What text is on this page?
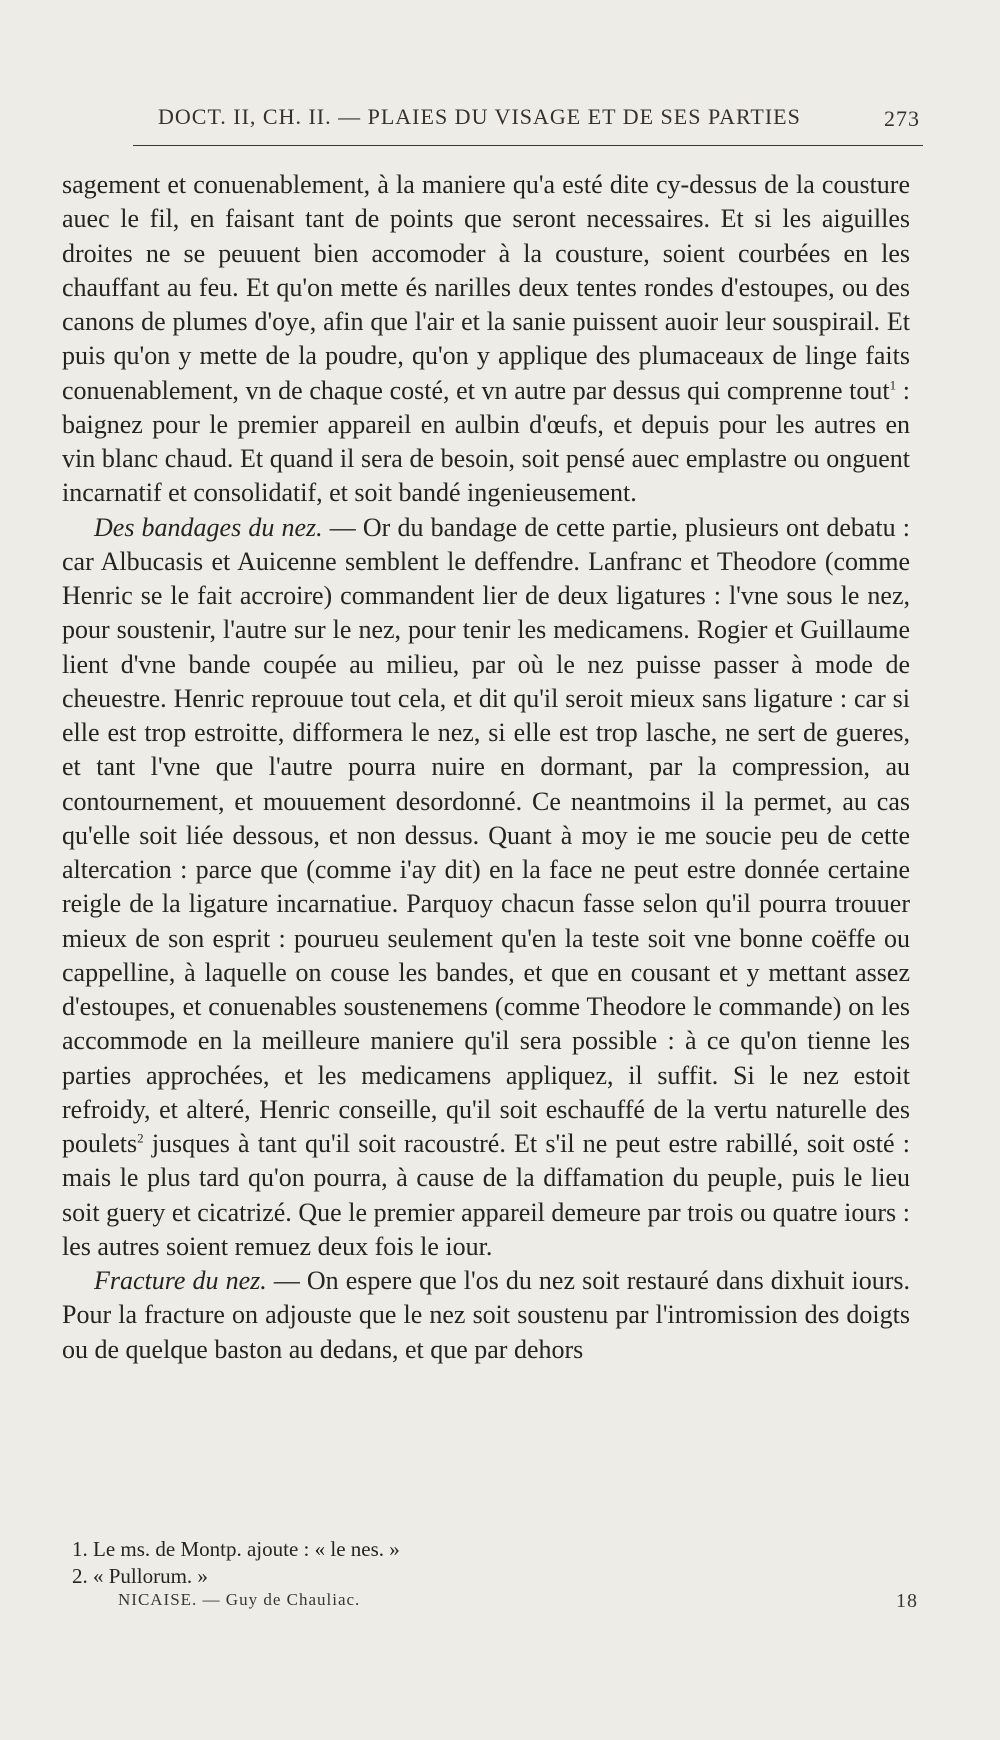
DOCT. II, CH. II. — PLAIES DU VISAGE ET DE SES PARTIES	273

sagement et conuenablement, à la maniere qu'a esté dite cy-dessus de la cousture auec le fil, en faisant tant de points que seront necessaires. Et si les aiguilles droites ne se peuuent bien accomoder à la cousture, soient courbées en les chauffant au feu. Et qu'on mette és narilles deux tentes rondes d'estoupes, ou des canons de plumes d'oye, afin que l'air et la sanie puissent auoir leur souspirail. Et puis qu'on y mette de la poudre, qu'on y applique des plumaceaux de linge faits conuenablement, vn de chaque costé, et vn autre par dessus qui comprenne tout$^1$ : baignez pour le premier appareil en aulbin d'œufs, et depuis pour les autres en vin blanc chaud. Et quand il sera de besoin, soit pensé auec emplastre ou onguent incarnatif et consolidatif, et soit bandé ingenieusement.

Des bandages du nez. — Or du bandage de cette partie, plusieurs ont debatu : car Albucasis et Auicenne semblent le deffendre. Lanfranc et Theodore (comme Henric se le fait accroire) commandent lier de deux ligatures : l'vne sous le nez, pour soustenir, l'autre sur le nez, pour tenir les medicamens. Rogier et Guillaume lient d'vne bande coupée au milieu, par où le nez puisse passer à mode de cheuestre. Henric reprouue tout cela, et dit qu'il seroit mieux sans ligature : car si elle est trop estroitte, difformera le nez, si elle est trop lasche, ne sert de gueres, et tant l'vne que l'autre pourra nuire en dormant, par la compression, au contournement, et mouuement desordonné. Ce neantmoins il la permet, au cas qu'elle soit liée dessous, et non dessus. Quant à moy ie me soucie peu de cette altercation : parce que (comme i'ay dit) en la face ne peut estre donnée certaine reigle de la ligature incarnatiue. Parquoy chacun fasse selon qu'il pourra trouuer mieux de son esprit : pourueu seulement qu'en la teste soit vne bonne coëffe ou cappelline, à laquelle on couse les bandes, et que en cousant et y mettant assez d'estoupes, et conuenables soustenemens (comme Theodore le commande) on les accommode en la meilleure maniere qu'il sera possible : à ce qu'on tienne les parties approchées, et les medicamens appliquez, il suffit. Si le nez estoit refroidy, et alteré, Henric conseille, qu'il soit eschauffé de la vertu naturelle des poulets$^2$ jusques à tant qu'il soit racoustré. Et s'il ne peut estre rabillé, soit osté : mais le plus tard qu'on pourra, à cause de la diffamation du peuple, puis le lieu soit guery et cicatrizé. Que le premier appareil demeure par trois ou quatre iours : les autres soient remuez deux fois le iour.

Fracture du nez. — On espere que l'os du nez soit restauré dans dixhuit iours. Pour la fracture on adjouste que le nez soit soustenu par l'intromission des doigts ou de quelque baston au dedans, et que par dehors

1. Le ms. de Montp. ajoute : « le nes. »

2. « Pullorum. »

NICAISE. — Guy de Chauliac.	18
